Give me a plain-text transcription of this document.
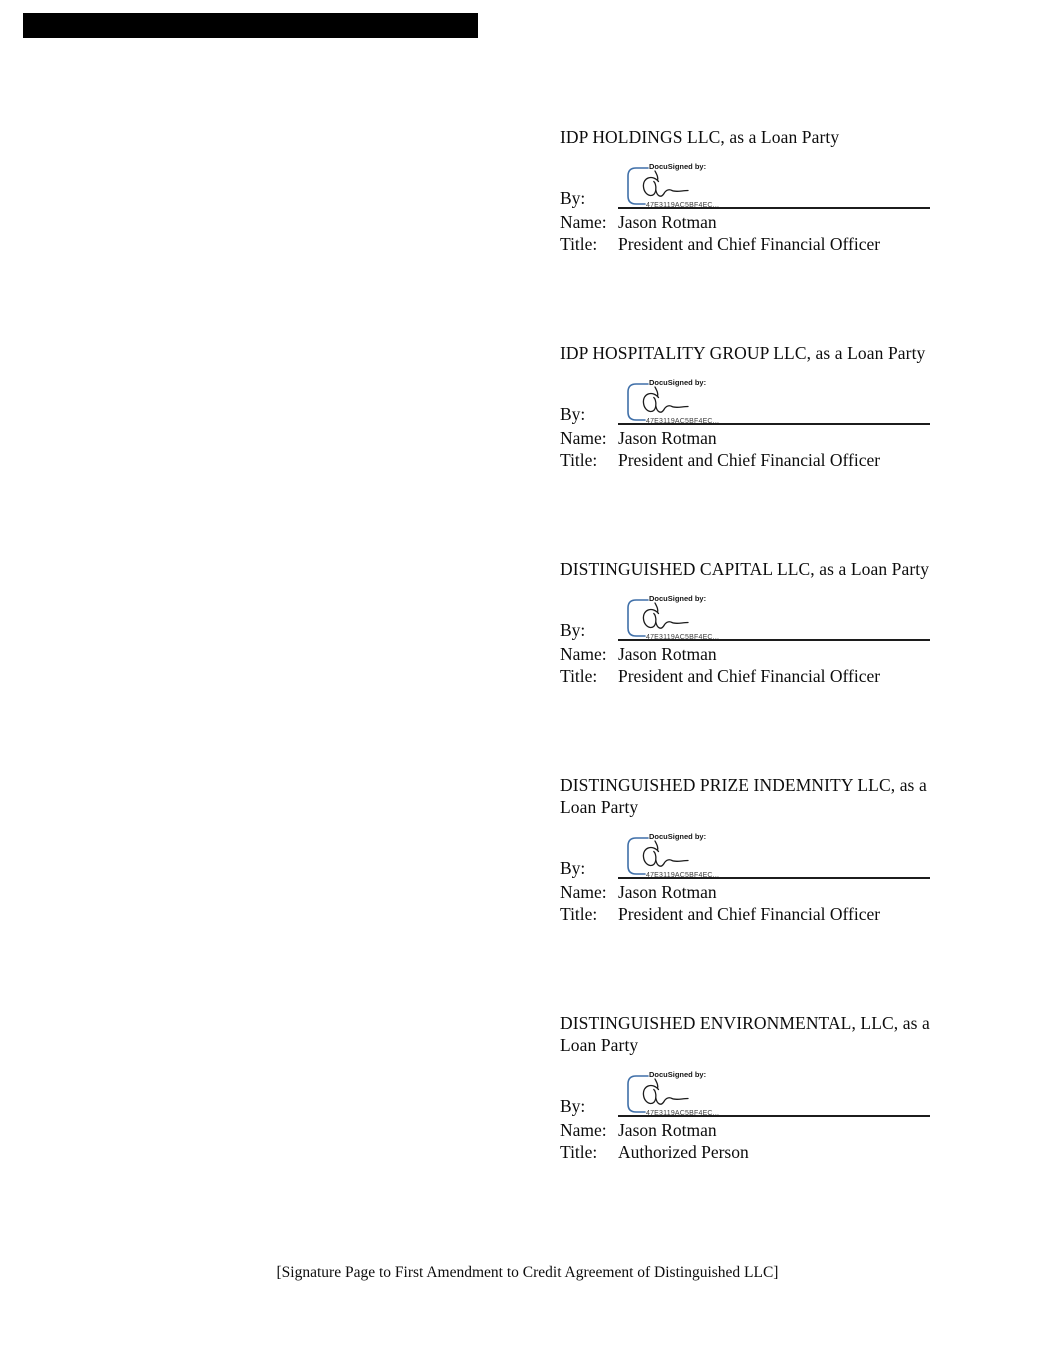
IDP HOLDINGS LLC, as a Loan Party
By:
DocuSigned by:
47E3119AC5BF4EC...
Name: Jason Rotman
Title:	President and Chief Financial Officer
IDP HOSPITALITY GROUP LLC, as a Loan Party
By:
DocuSigned by:
47E3119AC5BF4EC...
Name: Jason Rotman
Title:	President and Chief Financial Officer
DISTINGUISHED CAPITAL LLC, as a Loan Party
By:
DocuSigned by:
47E3119AC5BF4EC...
Name: Jason Rotman
Title:	President and Chief Financial Officer
DISTINGUISHED PRIZE INDEMNITY LLC, as a Loan Party
By:
DocuSigned by:
47E3119AC5BF4EC...
Name: Jason Rotman
Title:	President and Chief Financial Officer
DISTINGUISHED ENVIRONMENTAL, LLC, as a Loan Party
By:
DocuSigned by:
47E3119AC5BF4EC...
Name: Jason Rotman
Title:	Authorized Person
[Signature Page to First Amendment to Credit Agreement of Distinguished LLC]
